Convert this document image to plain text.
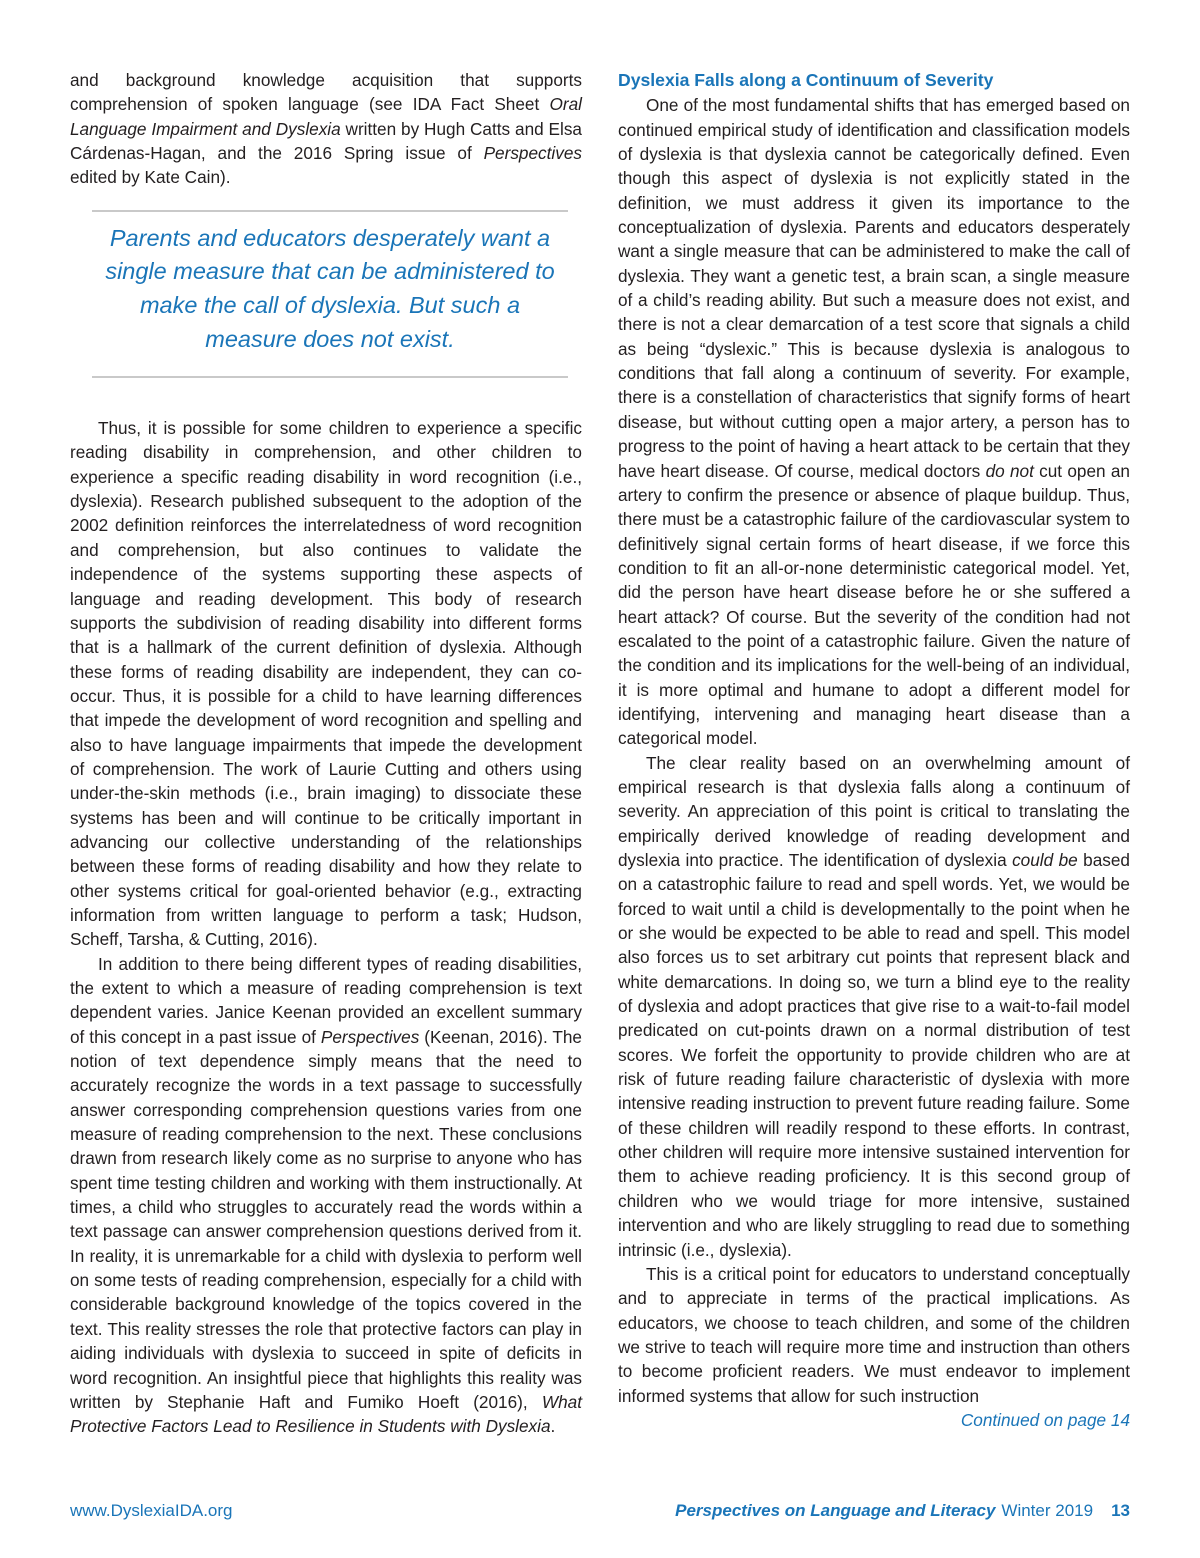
and background knowledge acquisition that supports comprehension of spoken language (see IDA Fact Sheet Oral Language Impairment and Dyslexia written by Hugh Catts and Elsa Cárdenas-Hagan, and the 2016 Spring issue of Perspectives edited by Kate Cain).

Parents and educators desperately want a single measure that can be administered to make the call of dyslexia. But such a measure does not exist.

Thus, it is possible for some children to experience a specific reading disability in comprehension, and other children to experience a specific reading disability in word recognition (i.e., dyslexia). Research published subsequent to the adoption of the 2002 definition reinforces the interrelatedness of word recognition and comprehension, but also continues to validate the independence of the systems supporting these aspects of language and reading development. This body of research supports the subdivision of reading disability into different forms that is a hallmark of the current definition of dyslexia. Although these forms of reading disability are independent, they can co-occur. Thus, it is possible for a child to have learning differences that impede the development of word recognition and spelling and also to have language impairments that impede the development of comprehension. The work of Laurie Cutting and others using under-the-skin methods (i.e., brain imaging) to dissociate these systems has been and will continue to be critically important in advancing our collective understanding of the relationships between these forms of reading disability and how they relate to other systems critical for goal-oriented behavior (e.g., extracting information from written language to perform a task; Hudson, Scheff, Tarsha, & Cutting, 2016).

In addition to there being different types of reading disabilities, the extent to which a measure of reading comprehension is text dependent varies. Janice Keenan provided an excellent summary of this concept in a past issue of Perspectives (Keenan, 2016). The notion of text dependence simply means that the need to accurately recognize the words in a text passage to successfully answer corresponding comprehension questions varies from one measure of reading comprehension to the next. These conclusions drawn from research likely come as no surprise to anyone who has spent time testing children and working with them instructionally. At times, a child who struggles to accurately read the words within a text passage can answer comprehension questions derived from it. In reality, it is unremarkable for a child with dyslexia to perform well on some tests of reading comprehension, especially for a child with considerable background knowledge of the topics covered in the text. This reality stresses the role that protective factors can play in aiding individuals with dyslexia to succeed in spite of deficits in word recognition. An insightful piece that highlights this reality was written by Stephanie Haft and Fumiko Hoeft (2016), What Protective Factors Lead to Resilience in Students with Dyslexia.

Dyslexia Falls along a Continuum of Severity

One of the most fundamental shifts that has emerged based on continued empirical study of identification and classification models of dyslexia is that dyslexia cannot be categorically defined. Even though this aspect of dyslexia is not explicitly stated in the definition, we must address it given its importance to the conceptualization of dyslexia. Parents and educators desperately want a single measure that can be administered to make the call of dyslexia. They want a genetic test, a brain scan, a single measure of a child’s reading ability. But such a measure does not exist, and there is not a clear demarcation of a test score that signals a child as being “dyslexic.” This is because dyslexia is analogous to conditions that fall along a continuum of severity. For example, there is a constellation of characteristics that signify forms of heart disease, but without cutting open a major artery, a person has to progress to the point of having a heart attack to be certain that they have heart disease. Of course, medical doctors do not cut open an artery to confirm the presence or absence of plaque buildup. Thus, there must be a catastrophic failure of the cardiovascular system to definitively signal certain forms of heart disease, if we force this condition to fit an all-or-none deterministic categorical model. Yet, did the person have heart disease before he or she suffered a heart attack? Of course. But the severity of the condition had not escalated to the point of a catastrophic failure. Given the nature of the condition and its implications for the well-being of an individual, it is more optimal and humane to adopt a different model for identifying, intervening and managing heart disease than a categorical model.

The clear reality based on an overwhelming amount of empirical research is that dyslexia falls along a continuum of severity. An appreciation of this point is critical to translating the empirically derived knowledge of reading development and dyslexia into practice. The identification of dyslexia could be based on a catastrophic failure to read and spell words. Yet, we would be forced to wait until a child is developmentally to the point when he or she would be expected to be able to read and spell. This model also forces us to set arbitrary cut points that represent black and white demarcations. In doing so, we turn a blind eye to the reality of dyslexia and adopt practices that give rise to a wait-to-fail model predicated on cut-points drawn on a normal distribution of test scores. We forfeit the opportunity to provide children who are at risk of future reading failure characteristic of dyslexia with more intensive reading instruction to prevent future reading failure. Some of these children will readily respond to these efforts. In contrast, other children will require more intensive sustained intervention for them to achieve reading proficiency. It is this second group of children who we would triage for more intensive, sustained intervention and who are likely struggling to read due to something intrinsic (i.e., dyslexia).

This is a critical point for educators to understand conceptually and to appreciate in terms of the practical implications. As educators, we choose to teach children, and some of the children we strive to teach will require more time and instruction than others to become proficient readers. We must endeavor to implement informed systems that allow for such instruction

Continued on page 14

www.DyslexiaIDA.org	Perspectives on Language and Literacy Winter 2019 13
